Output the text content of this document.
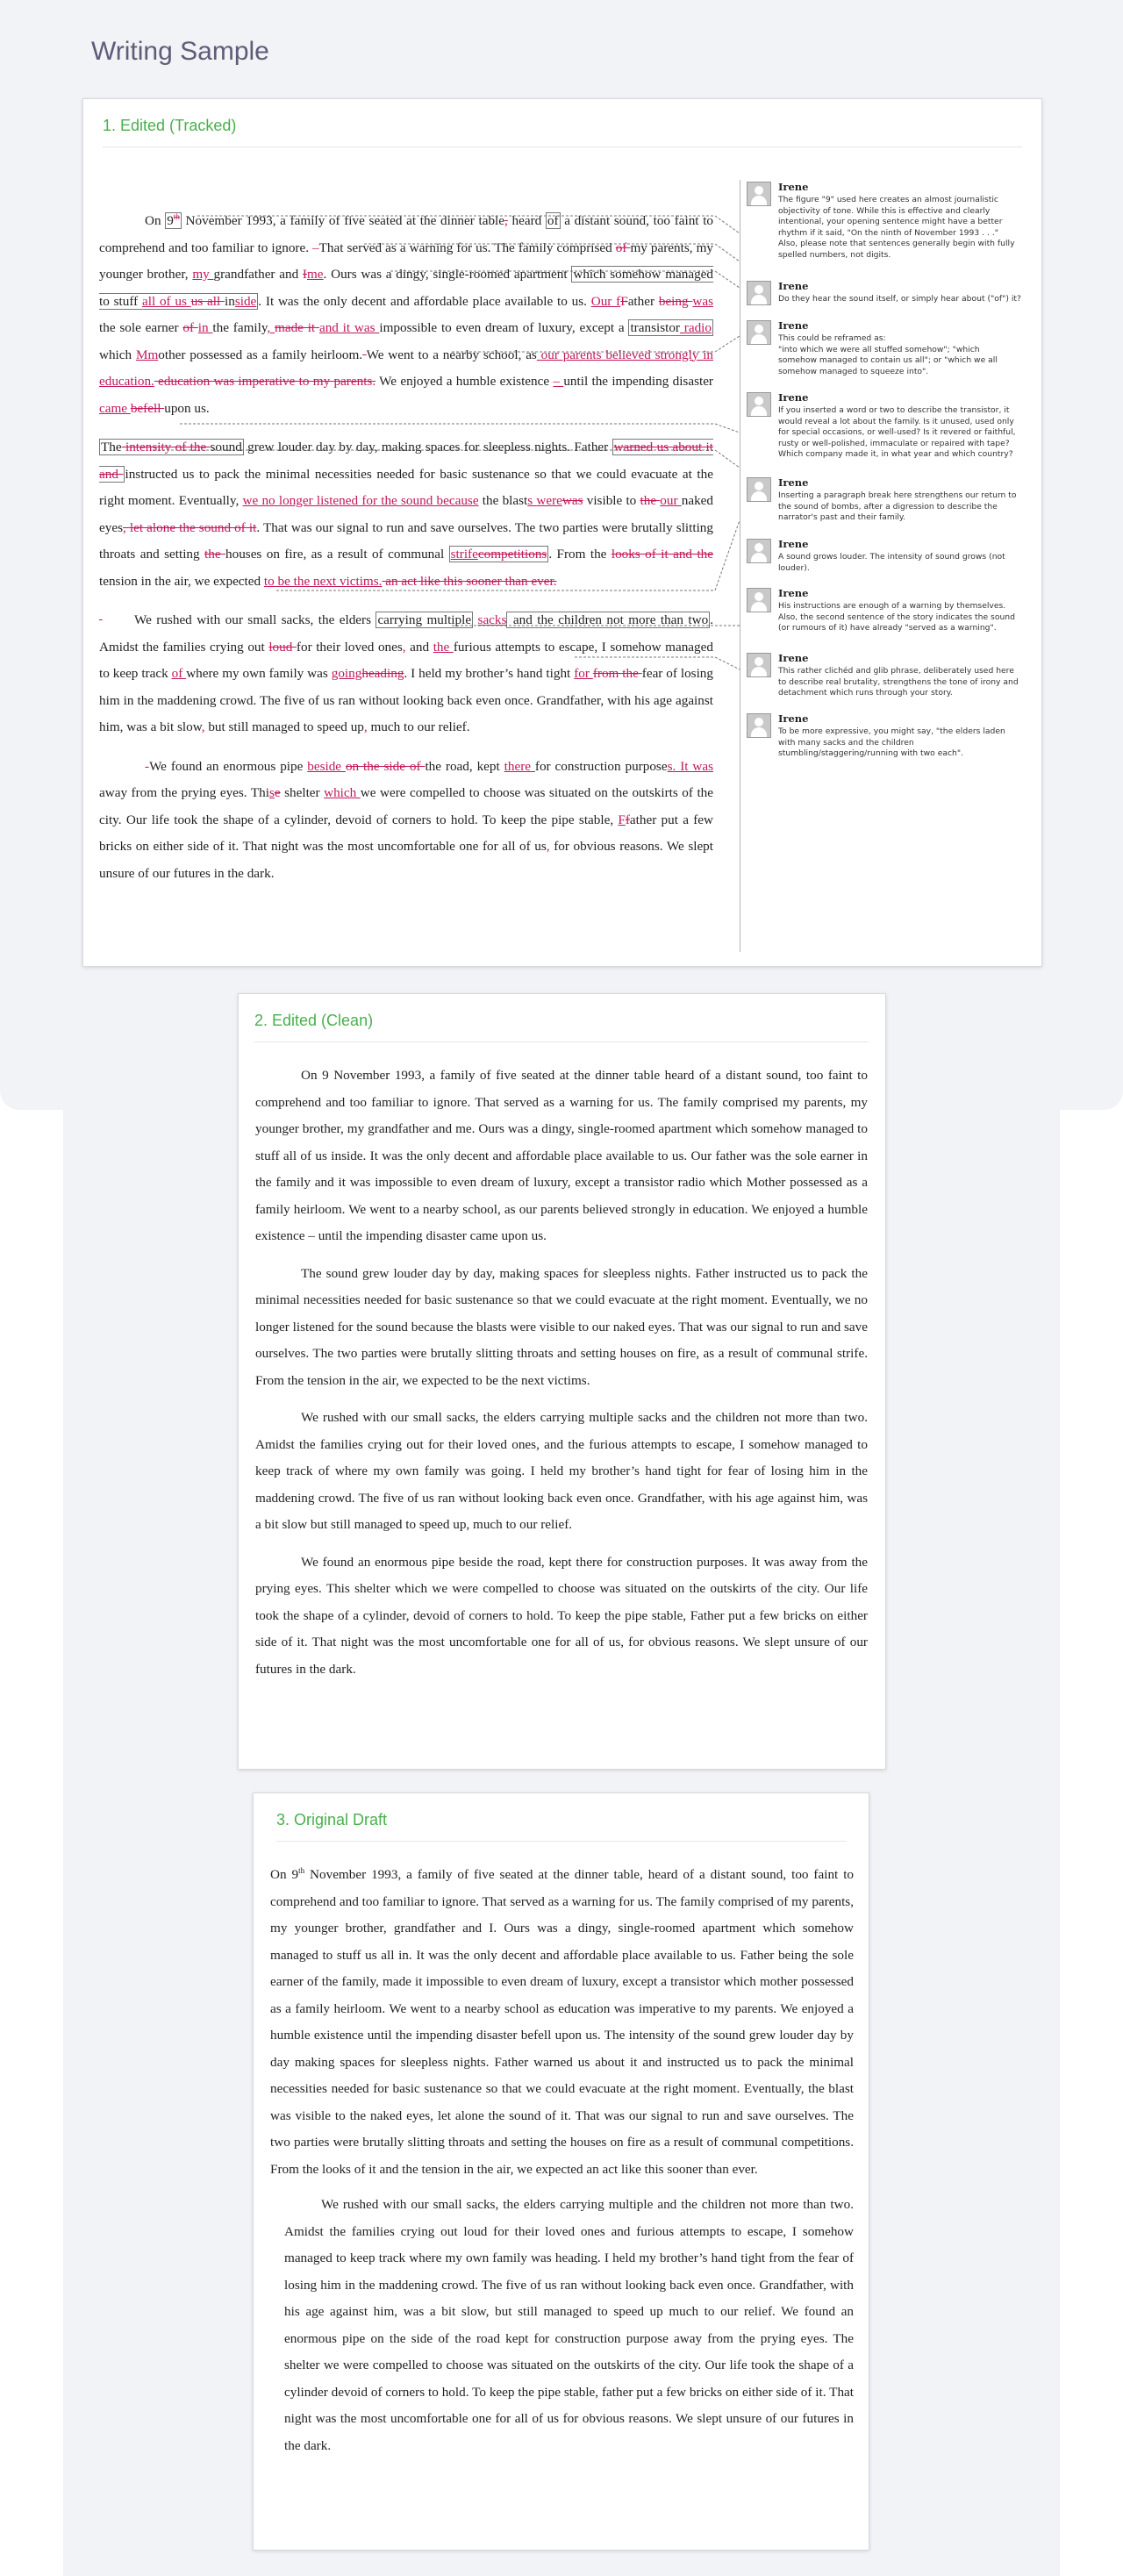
Writing Sample
1. Edited (Tracked)

On 9th November 1993, a family of five seated at the dinner table, heard of a distant sound, too faint to comprehend and too familiar to ignore. –That served as a warning for us. The family comprised of my parents, my younger brother, my grandfather and Ime. Ours was a dingy, single-roomed apartment which somehow managed to stuff all of us us all inside . It was the only decent and affordable place available to us. Our fFather being was the sole earner of in the family, made it and it was impossible to even dream of luxury, except a transistor radio which Mmother possessed as a family heirloom. We went to a nearby school, as our parents believed strongly in education. education was imperative to my parents. We enjoyed a humble existence – until the impending disaster came befell upon us.

The intensity of the sound grew louder day by day, making spaces for sleepless nights. Father warned us about it and instructed us to pack the minimal necessities needed for basic sustenance so that we could evacuate at the right moment. Eventually, we no longer listened for the sound because the blasts werewas visible to the our naked eyes, let alone the sound of it. That was our signal to run and save ourselves. The two parties were brutally slitting throats and setting the houses on fire, as a result of communal strifecompetitions . From the looks of it and the tension in the air, we expected to be the next victims. an act like this sooner than ever.

We rushed with our small sacks, the elders carrying multiple sacks and the children not more than two . Amidst the families crying out loud for their loved ones, and the furious attempts to escape, I somehow managed to keep track of where my own family was goingheading. I held my brother’s hand tight for from the fear of losing him in the maddening crowd. The five of us ran without looking back even once. Grandfather, with his age against him, was a bit slow, but still managed to speed up, much to our relief.

-We found an enormous pipe beside on the side of the road, kept there for construction purposes. It was away from the prying eyes. Thise shelter which we were compelled to choose was situated on the outskirts of the city. Our life took the shape of a cylinder, devoid of corners to hold. To keep the pipe stable, Ffather put a few bricks on either side of it. That night was the most uncomfortable one for all of us, for obvious reasons. We slept unsure of our futures in the dark.

Irene
The figure "9" used here creates an almost journalistic
objectivity of tone. While this is effective and clearly
intentional, your opening sentence might have a better
rhythm if it said, "On the ninth of November 1993 . . ."
Also, please note that sentences generally begin with fully
spelled numbers, not digits.
Irene
Do they hear the sound itself, or simply hear about ("of") it?
Irene
This could be reframed as:
"into which we were all stuffed somehow"; "which
somehow managed to contain us all"; or "which we all
somehow managed to squeeze into".
Irene
If you inserted a word or two to describe the transistor, it
would reveal a lot about the family. Is it unused, used only
for special occasions, or well-used? Is it revered or faithful,
rusty or well-polished, immaculate or repaired with tape?
Which company made it, in what year and which country?
Irene
Inserting a paragraph break here strengthens our return to
the sound of bombs, after a digression to describe the
narrator's past and their family.
Irene
A sound grows louder. The intensity of sound grows (not
louder).
Irene
His instructions are enough of a warning by themselves.
Also, the second sentence of the story indicates the sound
(or rumours of it) have already "served as a warning".
Irene
This rather clichéd and glib phrase, deliberately used here
to describe real brutality, strengthens the tone of irony and
detachment which runs through your story.
Irene
To be more expressive, you might say, "the elders laden
with many sacks and the children
stumbling/staggering/running with two each".
2. Edited (Clean)

On 9 November 1993, a family of five seated at the dinner table heard of a distant sound, too faint to comprehend and too familiar to ignore. That served as a warning for us. The family comprised my parents, my younger brother, my grandfather and me. Ours was a dingy, single-roomed apartment which somehow managed to stuff all of us inside. It was the only decent and affordable place available to us. Our father was the sole earner in the family and it was impossible to even dream of luxury, except a transistor radio which Mother possessed as a family heirloom. We went to a nearby school, as our parents believed strongly in education. We enjoyed a humble existence – until the impending disaster came upon us.

The sound grew louder day by day, making spaces for sleepless nights. Father instructed us to pack the minimal necessities needed for basic sustenance so that we could evacuate at the right moment. Eventually, we no longer listened for the sound because the blasts were visible to our naked eyes. That was our signal to run and save ourselves. The two parties were brutally slitting throats and setting houses on fire, as a result of communal strife. From the tension in the air, we expected to be the next victims.

We rushed with our small sacks, the elders carrying multiple sacks and the children not more than two. Amidst the families crying out for their loved ones, and the furious attempts to escape, I somehow managed to keep track of where my own family was going. I held my brother’s hand tight for fear of losing him in the maddening crowd. The five of us ran without looking back even once. Grandfather, with his age against him, was a bit slow but still managed to speed up, much to our relief.

We found an enormous pipe beside the road, kept there for construction purposes. It was away from the prying eyes. This shelter which we were compelled to choose was situated on the outskirts of the city. Our life took the shape of a cylinder, devoid of corners to hold. To keep the pipe stable, Father put a few bricks on either side of it. That night was the most uncomfortable one for all of us, for obvious reasons. We slept unsure of our futures in the dark.

3. Original Draft

On 9th November 1993, a family of five seated at the dinner table, heard of a distant sound, too faint to comprehend and too familiar to ignore. That served as a warning for us. The family comprised of my parents, my younger brother, grandfather and I. Ours was a dingy, single-roomed apartment which somehow managed to stuff us all in. It was the only decent and affordable place available to us. Father being the sole earner of the family, made it impossible to even dream of luxury, except a transistor which mother possessed as a family heirloom. We went to a nearby school as education was imperative to my parents. We enjoyed a humble existence until the impending disaster befell upon us. The intensity of the sound grew louder day by day making spaces for sleepless nights. Father warned us about it and instructed us to pack the minimal necessities needed for basic sustenance so that we could evacuate at the right moment. Eventually, the blast was visible to the naked eyes, let alone the sound of it. That was our signal to run and save ourselves. The two parties were brutally slitting throats and setting the houses on fire as a result of communal competitions. From the looks of it and the tension in the air, we expected an act like this sooner than ever.

We rushed with our small sacks, the elders carrying multiple and the children not more than two. Amidst the families crying out loud for their loved ones and furious attempts to escape, I somehow managed to keep track where my own family was heading. I held my brother’s hand tight from the fear of losing him in the maddening crowd. The five of us ran without looking back even once. Grandfather, with his age against him, was a bit slow, but still managed to speed up much to our relief. We found an enormous pipe on the side of the road kept for construction purpose away from the prying eyes. The shelter we were compelled to choose was situated on the outskirts of the city. Our life took the shape of a cylinder devoid of corners to hold. To keep the pipe stable, father put a few bricks on either side of it. That night was the most uncomfortable one for all of us for obvious reasons. We slept unsure of our futures in the dark.
